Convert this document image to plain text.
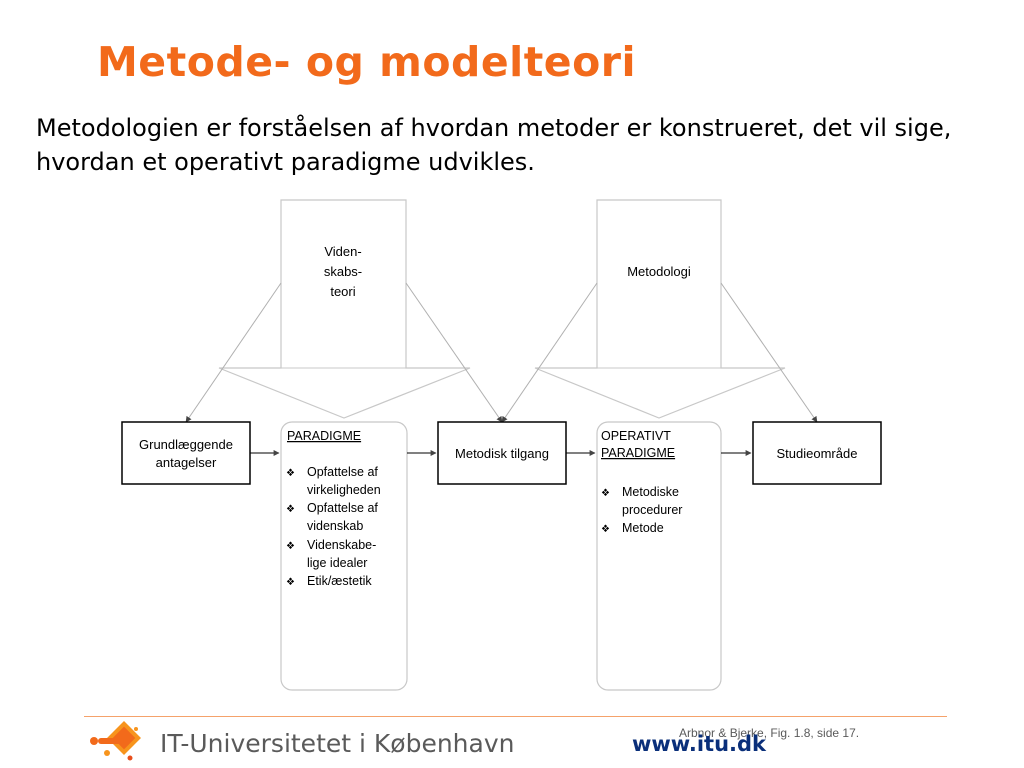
Metode- og modelteori

Metodologien er forståelsen af hvordan metoder er konstrueret, det vil sige, hvordan et operativt paradigme udvikles.

Viden-
skabs-
teori
Metodologi
Grundlæggende
antagelser
Metodisk tilgang	Studieområde
PARADIGME
❖ Opfattelse af
virkeligheden
❖ Opfattelse af
videnskab
❖ Videnskabe-
lige idealer
❖ Etik/æstetik
OPERATIVT
PARADIGME
❖ Metodiske
procedurer
❖ Metode

IT-Universitetet i København	Arbnor & Bjerke, Fig. 1.8, side 17.

www.itu.dk
